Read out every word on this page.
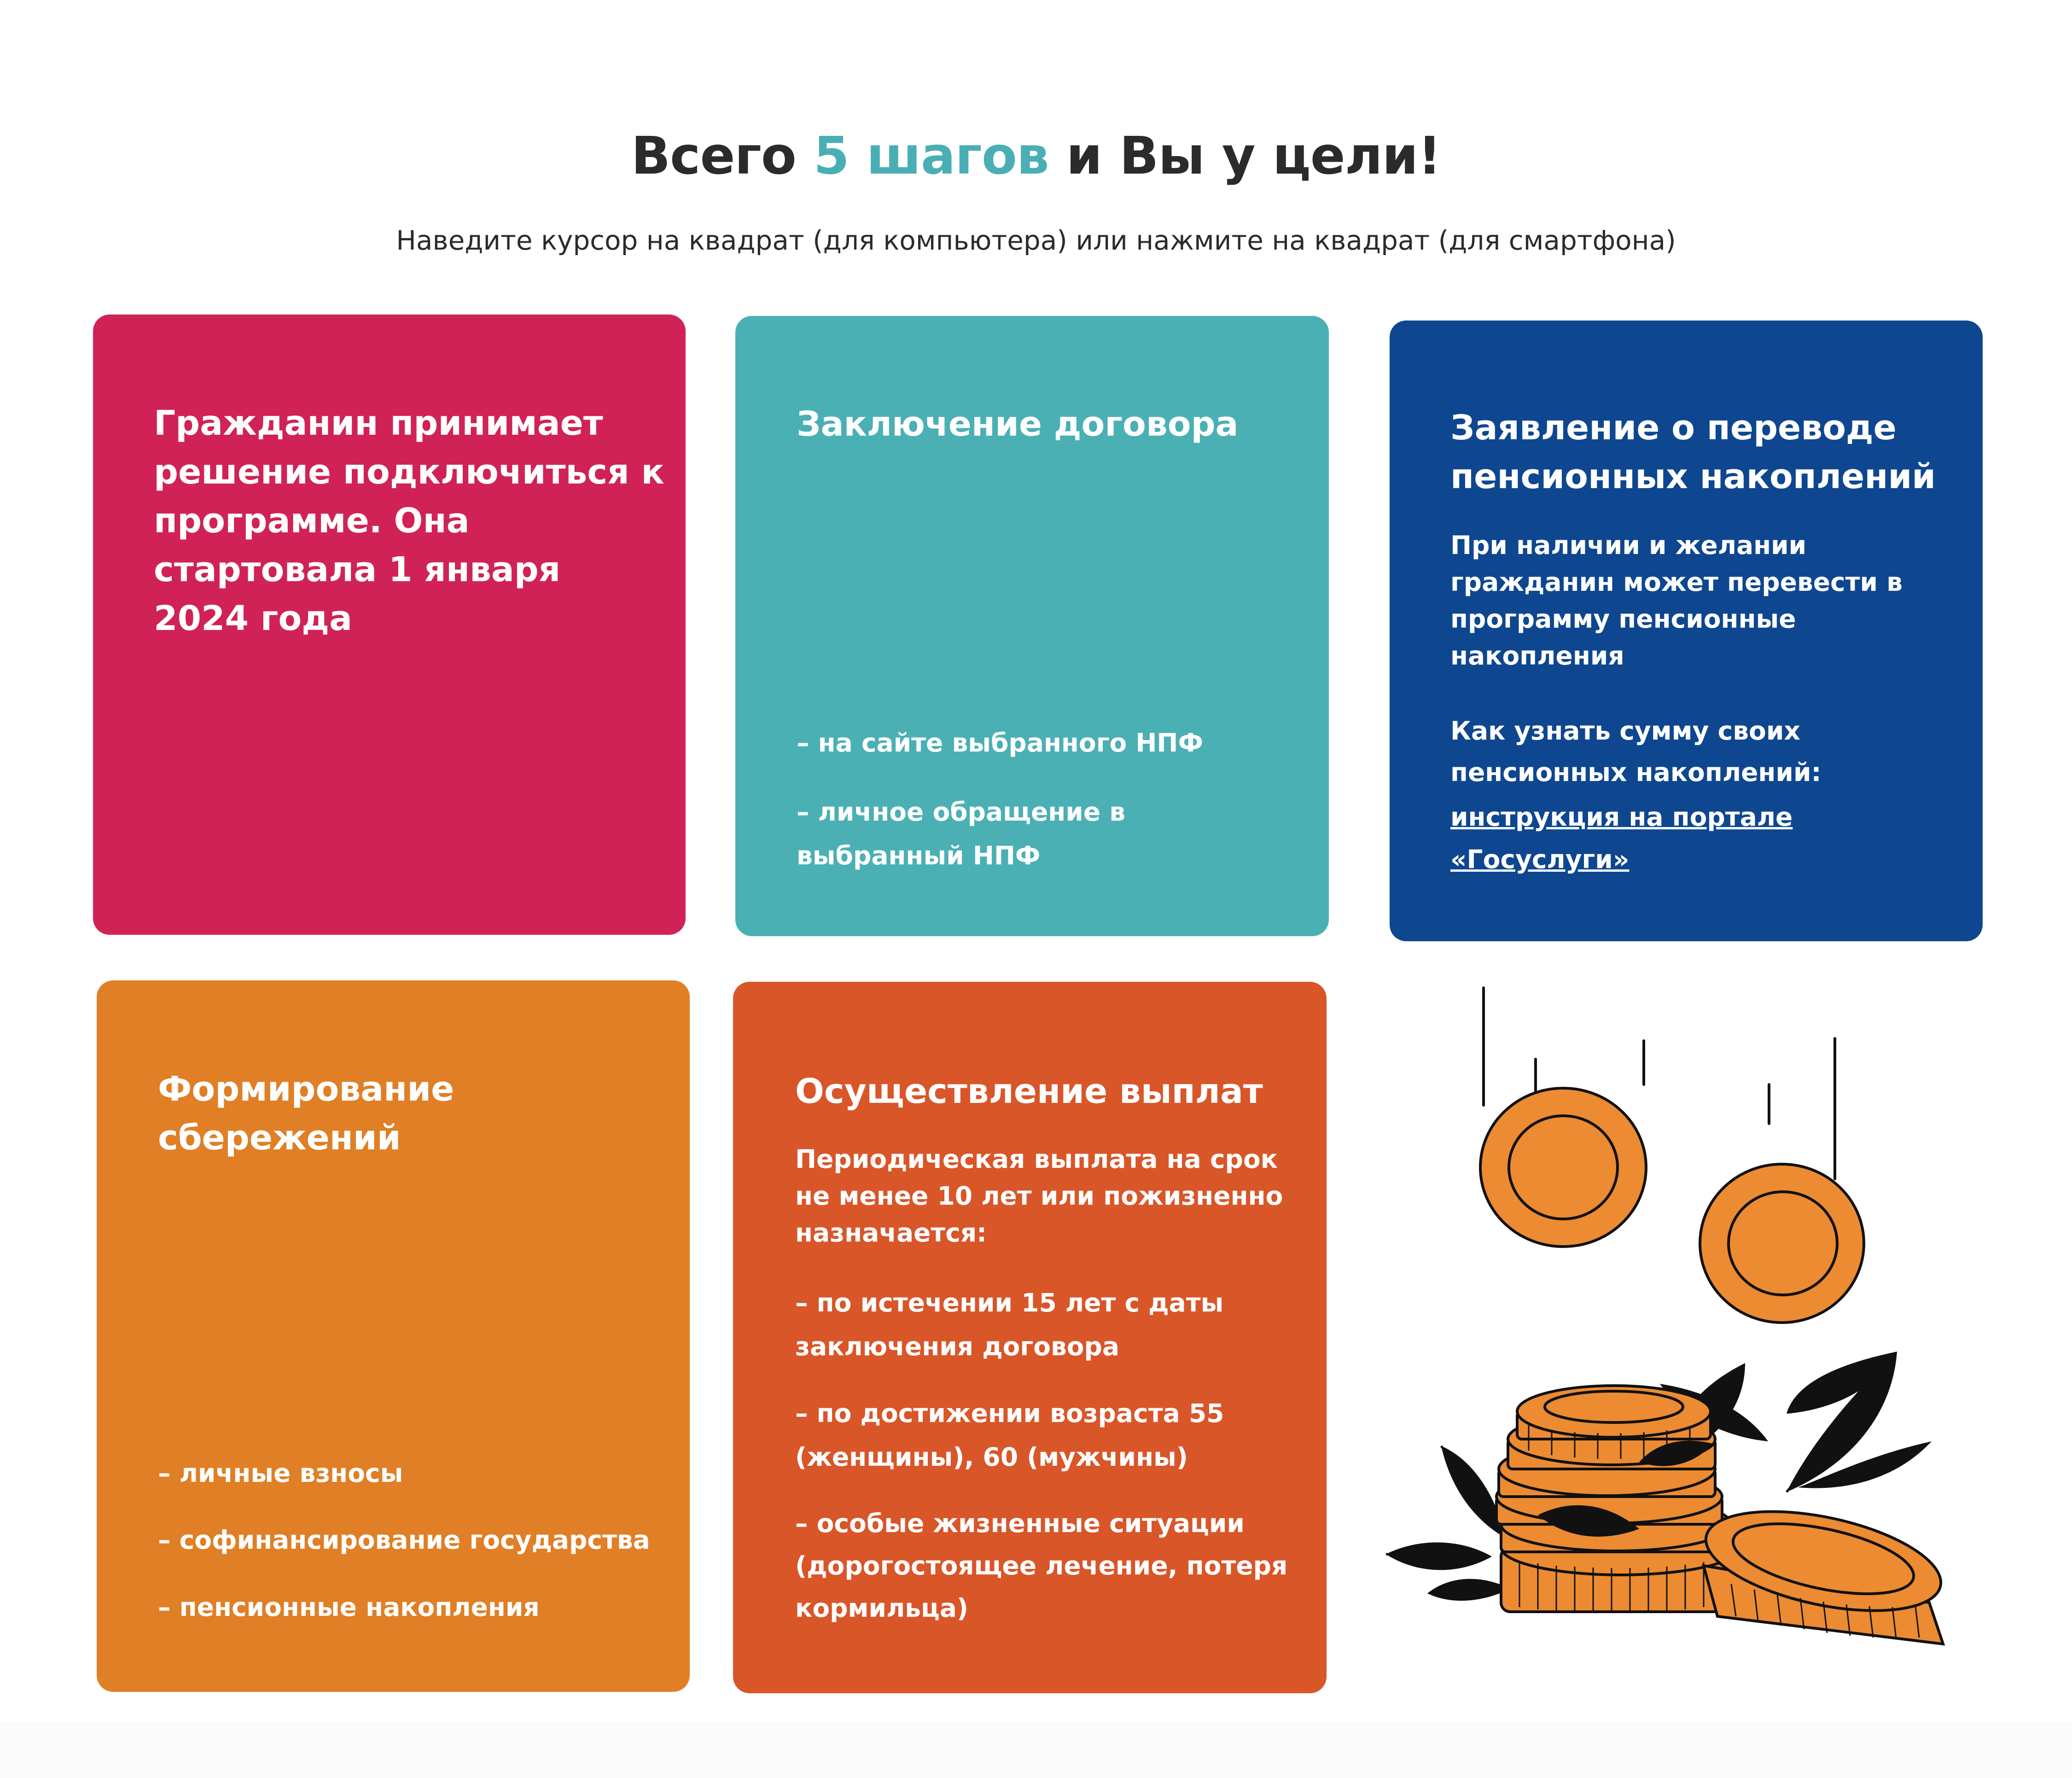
Всего 5 шагов и Вы у цели!
Наведите курсор на квадрат (для компьютера) или нажмите на квадрат (для смартфона)
Гражданин принимает
решение подключиться к
программе. Она
стартовала 1 января
2024 года
Заключение договора
– на сайте выбранного НПФ
– личное обращение в
выбранный НПФ
Заявление о переводе
пенсионных накоплений
При наличии и желании
гражданин может перевести в
программу пенсионные
накопления
Как узнать сумму своих
пенсионных накоплений:
инструкция на портале
«Госуслуги»
Формирование
сбережений
– личные взносы
– софинансирование государства
– пенсионные накопления
Осуществление выплат
Периодическая выплата на срок
не менее 10 лет или пожизненно
назначается:
– по истечении 15 лет с даты
заключения договора
– по достижении возраста 55
(женщины), 60 (мужчины)
– особые жизненные ситуации
(дорогостоящее лечение, потеря
кормильца)
